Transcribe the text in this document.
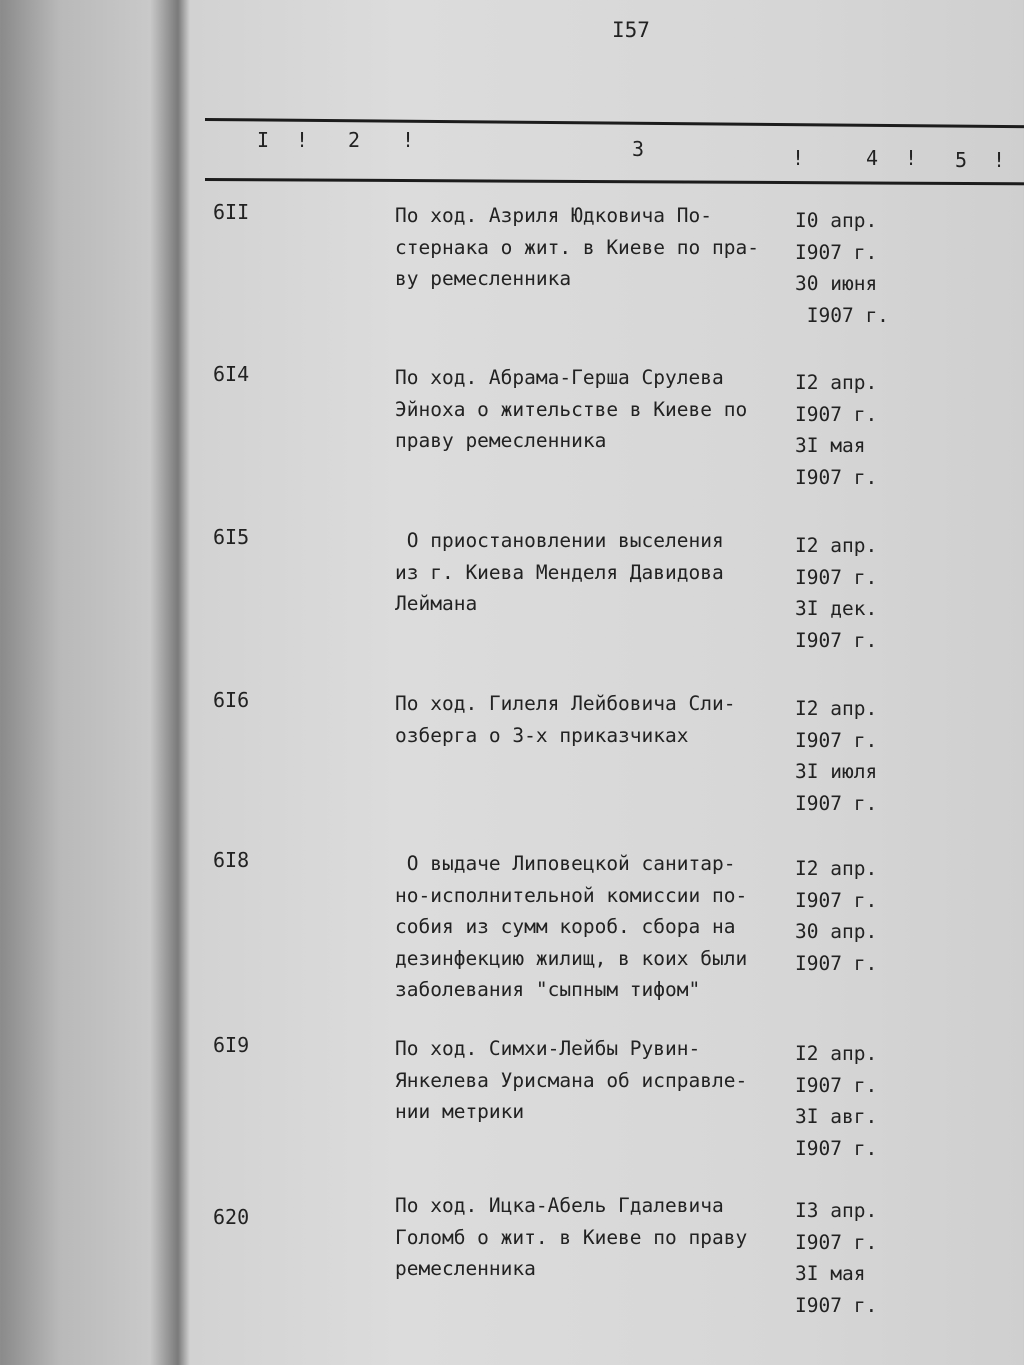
I57
I ! 2 !	3	!	4 ! 5 !
6II	По ход. Азриля Юдковича По-
стернака о жит. в Киеве по пра-
ву ремесленника
I0 апр.
I907 г.
30 июня
I907 г.
6I4	По ход. Абрама-Герша Срулева
Эйноха о жительстве в Киеве по
праву ремесленника
I2 апр.
I907 г.
3I мая
I907 г.
6I5	О приостановлении выселения
из г. Киева Менделя Давидова
Леймана
I2 апр.
I907 г.
3I дек.
I907 г.
6I6	По ход. Гилеля Лейбовича Сли-
озберга о 3-х приказчиках
I2 апр.
I907 г.
3I июля
I907 г.
6I8	О выдаче Липовецкой санитар-
но-исполнительной комиссии по-
собия из сумм короб. сбора на
дезинфекцию жилищ, в коих были
заболевания "сыпным тифом"
I2 апр.
I907 г.
30 апр.
I907 г.
6I9	По ход. Симхи-Лейбы Рувин-
Янкелева Урисмана об исправле-
нии метрики
I2 апр.
I907 г.
3I авг.
I907 г.
620	По ход. Ицка-Абель Гдалевича
Голомб о жит. в Киеве по праву
ремесленника
I3 апр.
I907 г.
3I мая
I907 г.
